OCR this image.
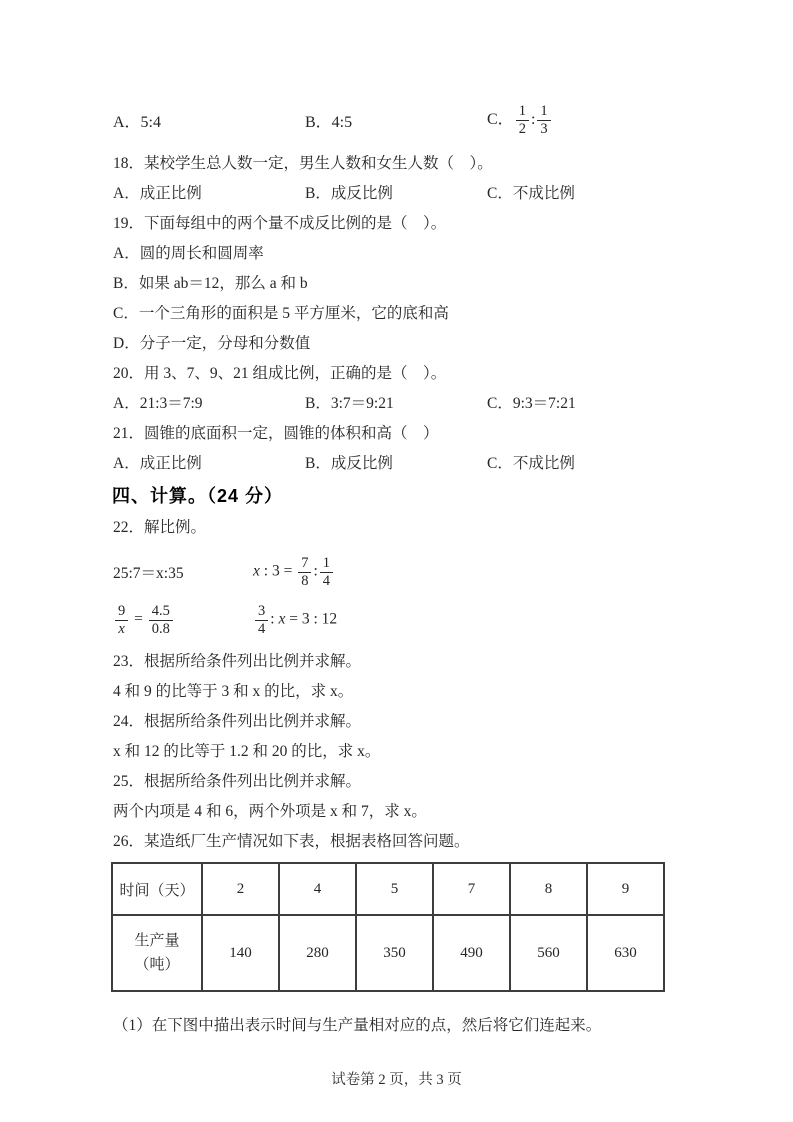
A．5:4	B．4:5	C． $\frac{1}{2}$ : $\frac{1}{3}$
18．某校学生总人数一定，男生人数和女生人数（　）。
A．成正比例	B．成反比例	C．不成比例
19．下面每组中的两个量不成反比例的是（　）。
A．圆的周长和圆周率
B．如果 ab＝12，那么 a 和 b
C．一个三角形的面积是 5 平方厘米，它的底和高
D．分子一定，分母和分数值
20．用 3、7、9、21 组成比例，正确的是（　）。
A．21:3＝7:9	B．3:7＝9:21	C．9:3＝7:21
21．圆锥的底面积一定，圆锥的体积和高（　）
A．成正比例	B．成反比例	C．不成比例
四、计算。（24 分）
22．解比例。
25:7＝x:35	x : $3 = \frac{7}{8}$ : $\frac{1}{4}$
$\frac{9}{x} = \frac{4.5}{0.8}$	$\frac{3}{4}$ : x = 3 : 12
23．根据所给条件列出比例并求解。
4 和 9 的比等于 3 和 x 的比，求 x。
24．根据所给条件列出比例并求解。
x 和 12 的比等于 1.2 和 20 的比，求 x。
25．根据所给条件列出比例并求解。
两个内项是 4 和 6，两个外项是 x 和 7，求 x。
26．某造纸厂生产情况如下表，根据表格回答问题。
时间（天）	2	4	5	7	8	9

生产量
（吨）	140	280	350	490	560	630
（1）在下图中描出表示时间与生产量相对应的点，然后将它们连起来。
试卷第 2 页，共 3 页
